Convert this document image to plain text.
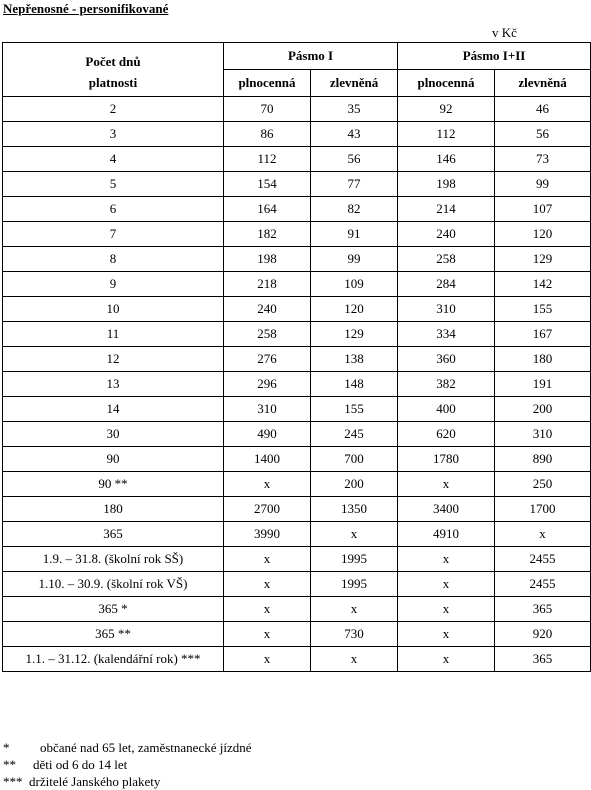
Nepřenosné - personifikované
v Kč
Počet dnů	Pásmo I		Pásmo I+II	
platnosti	plnocenná	zlevněná	plnocenná	zlevněná
2	70	35	92	46
3	86	43	112	56
4	112	56	146	73
5	154	77	198	99
6	164	82	214	107
7	182	91	240	120
8	198	99	258	129
9	218	109	284	142
10	240	120	310	155
11	258	129	334	167
12	276	138	360	180
13	296	148	382	191
14	310	155	400	200
30	490	245	620	310
90	1400	700	1780	890
90 **	x	200	x	250
180	2700	1350	3400	1700
365	3990	x	4910	x
1.9. – 31.8. (školní rok SŠ)	x	1995	x	2455
1.10. – 30.9. (školní rok VŠ)	x	1995	x	2455
365 *	x	x	x	365
365 **	x	730	x	920
1.1. – 31.12. (kalendářní rok) ***	x	x	x	365
*	občané nad 65 let, zaměstnanecké jízdné
**	děti od 6 do 14 let
*** držitelé Janského plakety
